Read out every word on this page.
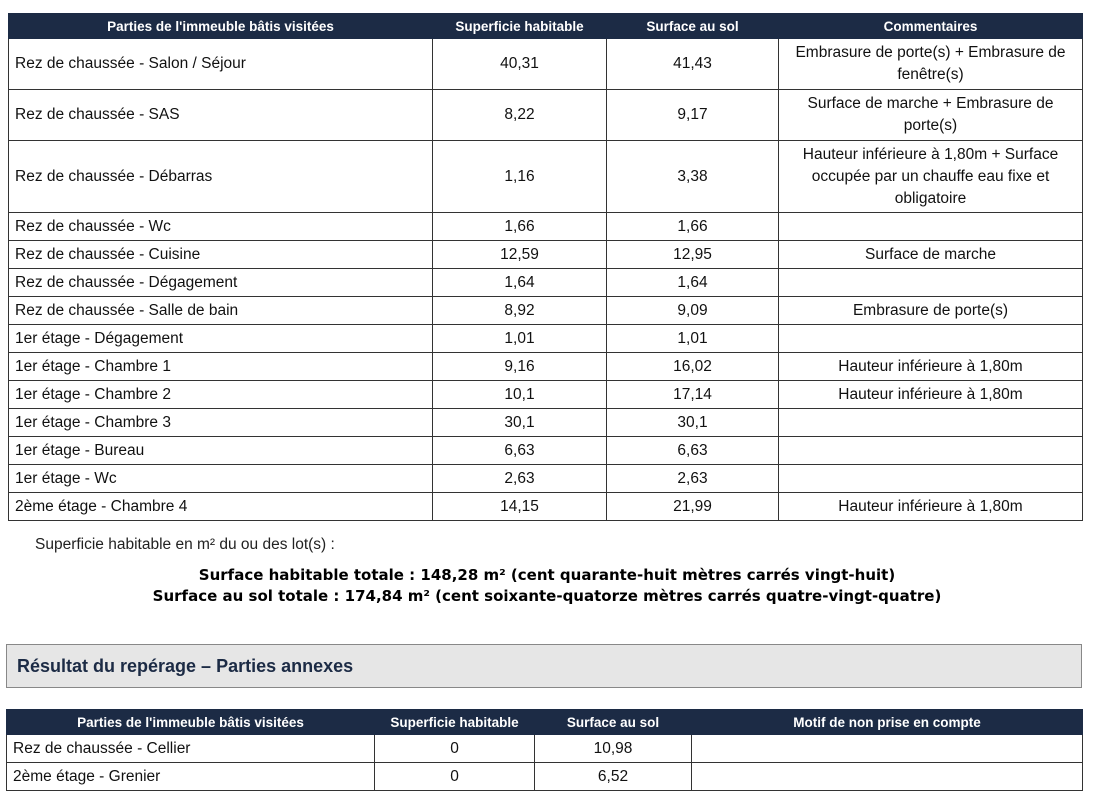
Parties de l'immeuble bâtis visitées	Superficie habitable	Surface au sol	Commentaires
Rez de chaussée - Salon / Séjour	40,31	41,43	Embrasure de porte(s) + Embrasure de fenêtre(s)
Rez de chaussée - SAS	8,22	9,17	Surface de marche + Embrasure de porte(s)
Rez de chaussée - Débarras	1,16	3,38	Hauteur inférieure à 1,80m + Surface occupée par un chauffe eau fixe et obligatoire
Rez de chaussée - Wc	1,66	1,66	
Rez de chaussée - Cuisine	12,59	12,95	Surface de marche
Rez de chaussée - Dégagement	1,64	1,64	
Rez de chaussée - Salle de bain	8,92	9,09	Embrasure de porte(s)
1er étage - Dégagement	1,01	1,01	
1er étage - Chambre 1	9,16	16,02	Hauteur inférieure à 1,80m
1er étage - Chambre 2	10,1	17,14	Hauteur inférieure à 1,80m
1er étage - Chambre 3	30,1	30,1	
1er étage - Bureau	6,63	6,63	
1er étage - Wc	2,63	2,63	
2ème étage - Chambre 4	14,15	21,99	Hauteur inférieure à 1,80m
Superficie habitable en m² du ou des lot(s) :
Surface habitable totale : 148,28 m² (cent quarante-huit mètres carrés vingt-huit)
Surface au sol totale : 174,84 m² (cent soixante-quatorze mètres carrés quatre-vingt-quatre)
Résultat du repérage – Parties annexes
Parties de l'immeuble bâtis visitées	Superficie habitable	Surface au sol	Motif de non prise en compte
Rez de chaussée - Cellier	0	10,98	
2ème étage - Grenier	0	6,52	
